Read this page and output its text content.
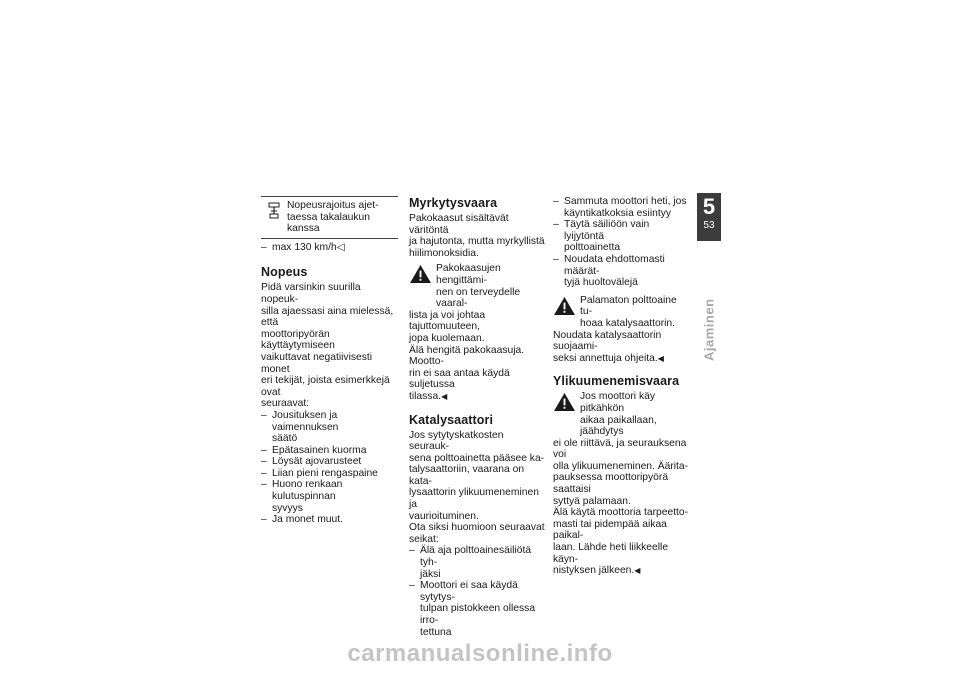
Nopeusrajoitus ajet-
taessa takalaukun kanssa
– max 130 km/h◁
Nopeus

Pidä varsinkin suurilla nopeuk-
silla ajaessasi aina mielessä, että
moottoripyörän käyttäytymiseen
vaikuttavat negatiivisesti monet
eri tekijät, joista esimerkkejä ovat
seuraavat:

– Jousituksen ja vaimennuksen
säätö
– Epätasainen kuorma
– Löysät ajovarusteet
– Liian pieni rengaspaine
– Huono renkaan kulutuspinnan
syvyys
– Ja monet muut.
Myrkytysvaara

Pakokaasut sisältävät väritöntä
ja hajutonta, mutta myrkyllistä
hiilimonoksidia.

Pakokaasujen hengittämi-
nen on terveydelle vaaral-

lista ja voi johtaa tajuttomuuteen,
jopa kuolemaan.
Älä hengitä pakokaasuja. Mootto-
rin ei saa antaa käydä suljetussa
tilassa.◀

Katalysaattori

Jos sytytyskatkosten seurauk-
sena polttoainetta pääsee ka-
talysaattoriin, vaarana on kata-
lysaattorin ylikuumeneminen ja
vaurioituminen.
Ota siksi huomioon seuraavat
seikat:

– Älä aja polttoainesäiliötä tyh-
jäksi
– Moottori ei saa käydä sytytys-
tulpan pistokkeen ollessa irro-
tettuna
– Sammuta moottori heti, jos
käyntikatkoksia esiintyy
– Täytä säiliöön vain lyijytöntä
polttoainetta
– Noudata ehdottomasti määrät-
tyjä huoltovälejä
Palamaton polttoaine tu-
hoaa katalysaattorin.

Noudata katalysaattorin suojaami-
seksi annettuja ohjeita.◀

Ylikuumenemisvaara
Jos moottori käy pitkähkön
aikaa paikallaan, jäähdytys

ei ole riittävä, ja seurauksena voi
olla ylikuumeneminen. Ääritа-
pauksessa moottoripyörä saattaisi
syttyä palamaan.
Älä käytä moottoria tarpeetto-
masti tai pidempää aikaa paikal-
laan. Lähde heti liikkeelle käyn-
nistyksen jälkeen.◀

5
53
Ajaminen
carmanualsonline.info
